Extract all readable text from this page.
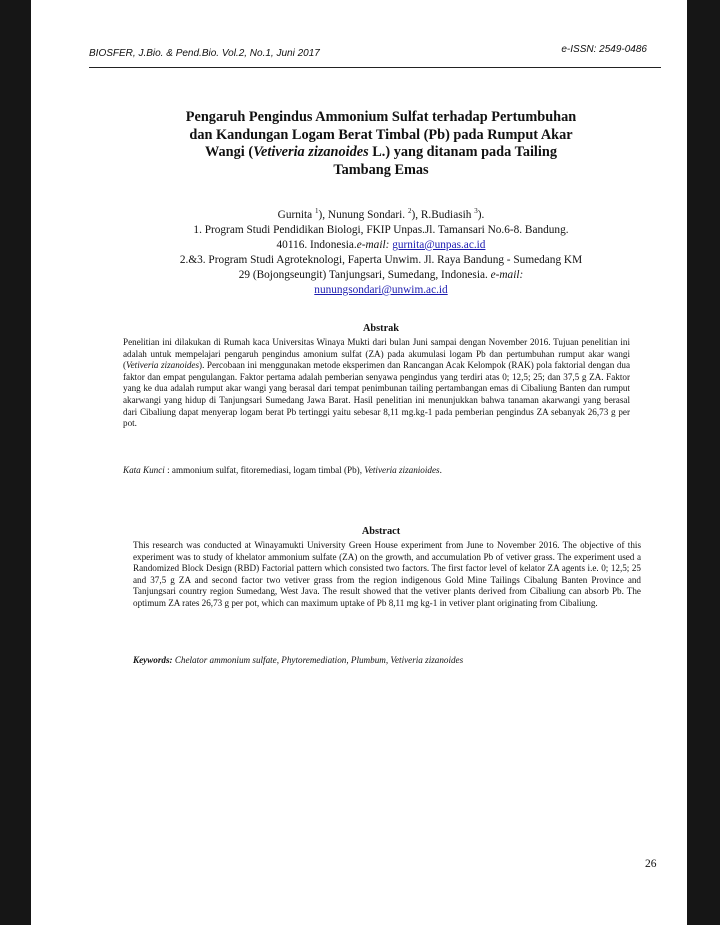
BIOSFER, J.Bio. & Pend.Bio. Vol.2, No.1, Juni 2017	e-ISSN: 2549-0486
Pengaruh Pengindus Ammonium Sulfat terhadap Pertumbuhan
dan Kandungan Logam Berat Timbal (Pb) pada Rumput Akar
Wangi (Vetiveria zizanoides L.) yang ditanam pada Tailing
Tambang Emas
Gurnita $^1$), Nunung Sondari. $^2$), R.Budiasih $^3$).
1. Program Studi Pendidikan Biologi, FKIP Unpas.Jl. Tamansari No.6-8. Bandung.
40116. Indonesia.e-mail: gurnita@unpas.ac.id
2.&3. Program Studi Agroteknologi, Faperta Unwim. Jl. Raya Bandung - Sumedang KM
29 (Bojongseungit) Tanjungsari, Sumedang, Indonesia. e-mail:
nunungsondari@unwim.ac.id
Abstrak
Penelitian ini dilakukan di Rumah kaca Universitas Winaya Mukti dari bulan Juni sampai dengan November 2016. Tujuan penelitian ini adalah untuk mempelajari pengaruh pengindus amonium sulfat (ZA) pada akumulasi logam Pb dan pertumbuhan rumput akar wangi (Vetiveria zizanoides). Percobaan ini menggunakan metode eksperimen dan Rancangan Acak Kelompok (RAK) pola faktorial dengan dua faktor dan empat pengulangan. Faktor pertama adalah pemberian senyawa pengindus yang terdiri atas 0; 12,5; 25; dan 37,5 g ZA. Faktor yang ke dua adalah rumput akar wangi yang berasal dari tempat penimbunan tailing pertambangan emas di Cibaliung Banten dan rumput akarwangi yang hidup di Tanjungsari Sumedang Jawa Barat. Hasil penelitian ini menunjukkan bahwa tanaman akarwangi yang berasal dari Cibaliung dapat menyerap logam berat Pb tertinggi yaitu sebesar 8,11 mg.kg-1 pada pemberian pengindus ZA sebanyak 26,73 g per pot.
Kata Kunci : ammonium sulfat, fitoremediasi, logam timbal (Pb), Vetiveria zizanioides.
Abstract
This research was conducted at Winayamukti University Green House experiment from June to November 2016. The objective of this experiment was to study of khelator ammonium sulfate (ZA) on the growth, and accumulation Pb of vetiver grass. The experiment used a Randomized Block Design (RBD) Factorial pattern which consisted two factors. The first factor level of kelator ZA agents i.e. 0; 12,5; 25 and 37,5 g ZA and second factor two vetiver grass from the region indigenous Gold Mine Tailings Cibalung Banten Province and Tanjungsari country region Sumedang, West Java. The result showed that the vetiver plants derived from Cibaliung can absorb Pb. The optimum ZA rates 26,73 g per pot, which can maximum uptake of Pb 8,11 mg kg-1 in vetiver plant originating from Cibaliung.
Keywords: Chelator ammonium sulfate, Phytoremediation, Plumbum, Vetiveria zizanoides
26
